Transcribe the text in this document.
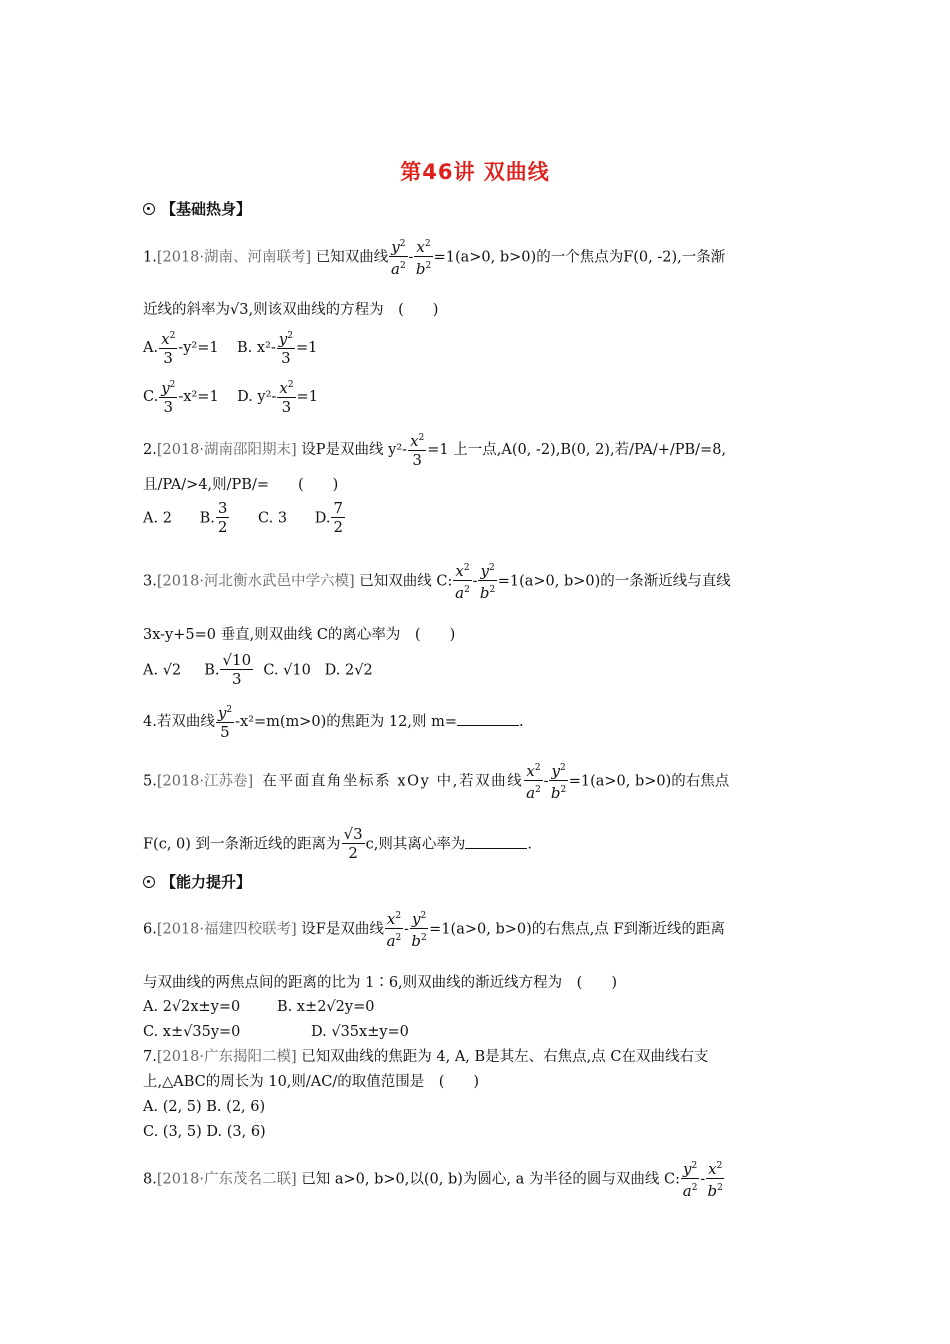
第46讲 双曲线
【基础热身】
1.[2018·湖南、河南联考] 已知双曲线 $\frac{y^2}{a^2} - \frac{x^2}{b^2} =1(a>0$, b>0)的一个焦点为F(0, -2),一条渐
近线的斜率为√3,则该双曲线的方程为　(　　)
A. $\frac{x^2}{3} -y^2=1$ B. $x^2- \frac{y^2}{3} =1$
C. $\frac{y^2}{3} -x^2=1$ D. $y^2- \frac{x^2}{3} =1$
2.[2018·湖南邵阳期末] 设P是双曲线 $y^2- \frac{x^2}{3} =1$ 上一点,A(0, -2),B(0, 2),若/PA/+/PB/=8,
且/PA/>4,则/PB/=　　(　　)
A. 2 B. $\frac{3}{2} C$. 3 D. $\frac{7}{2}$
3.[2018·河北衡水武邑中学六模] 已知双曲线 C: $\frac{x^2}{a^2} - \frac{y^2}{b^2} =1(a>0$, b>0)的一条渐近线与直线
3x-y+5=0 垂直,则双曲线 C的离心率为　(　　)
A. √2 B. $\frac{√10}{3} C$. √10 D. 2√2
4.若双曲线 $\frac{y^2}{5} -x^2=m(m>0)$的焦距为 12,则 m=	.
5.[2018·江苏卷] 在平面直角坐标系 xOy 中,若双曲线 $\frac{x^2}{a^2} - \frac{y^2}{b^2} =1(a>0$, b>0)的右焦点
F(c, 0) 到一条渐近线的距离为 $\frac{√3}{2} c$,则其离心率为	.
【能力提升】
6.[2018·福建四校联考] 设F是双曲线 $\frac{x^2}{a^2} - \frac{y^2}{b^2} =1(a>0$, b>0)的右焦点,点 F到渐近线的距离
与双曲线的两焦点间的距离的比为 1∶6,则双曲线的渐近线方程为　(　　)
A. 2√2x±y=0	B. x±2√2y=0
C. x±√35y=0	D. √35x±y=0
7.[2018·广东揭阳二模] 已知双曲线的焦距为 4, A, B是其左、右焦点,点 C在双曲线右支
上,△ABC的周长为 10,则/AC/的取值范围是　(　　)
A. (2, 5) B. (2, 6)
C. (3, 5) D. (3, 6)
8.[2018·广东茂名二联] 已知 a>0, b>0,以(0, b)为圆心, a 为半径的圆与双曲线 C: $\frac{y^2}{a^2} - \frac{x^2}{b^2}$
